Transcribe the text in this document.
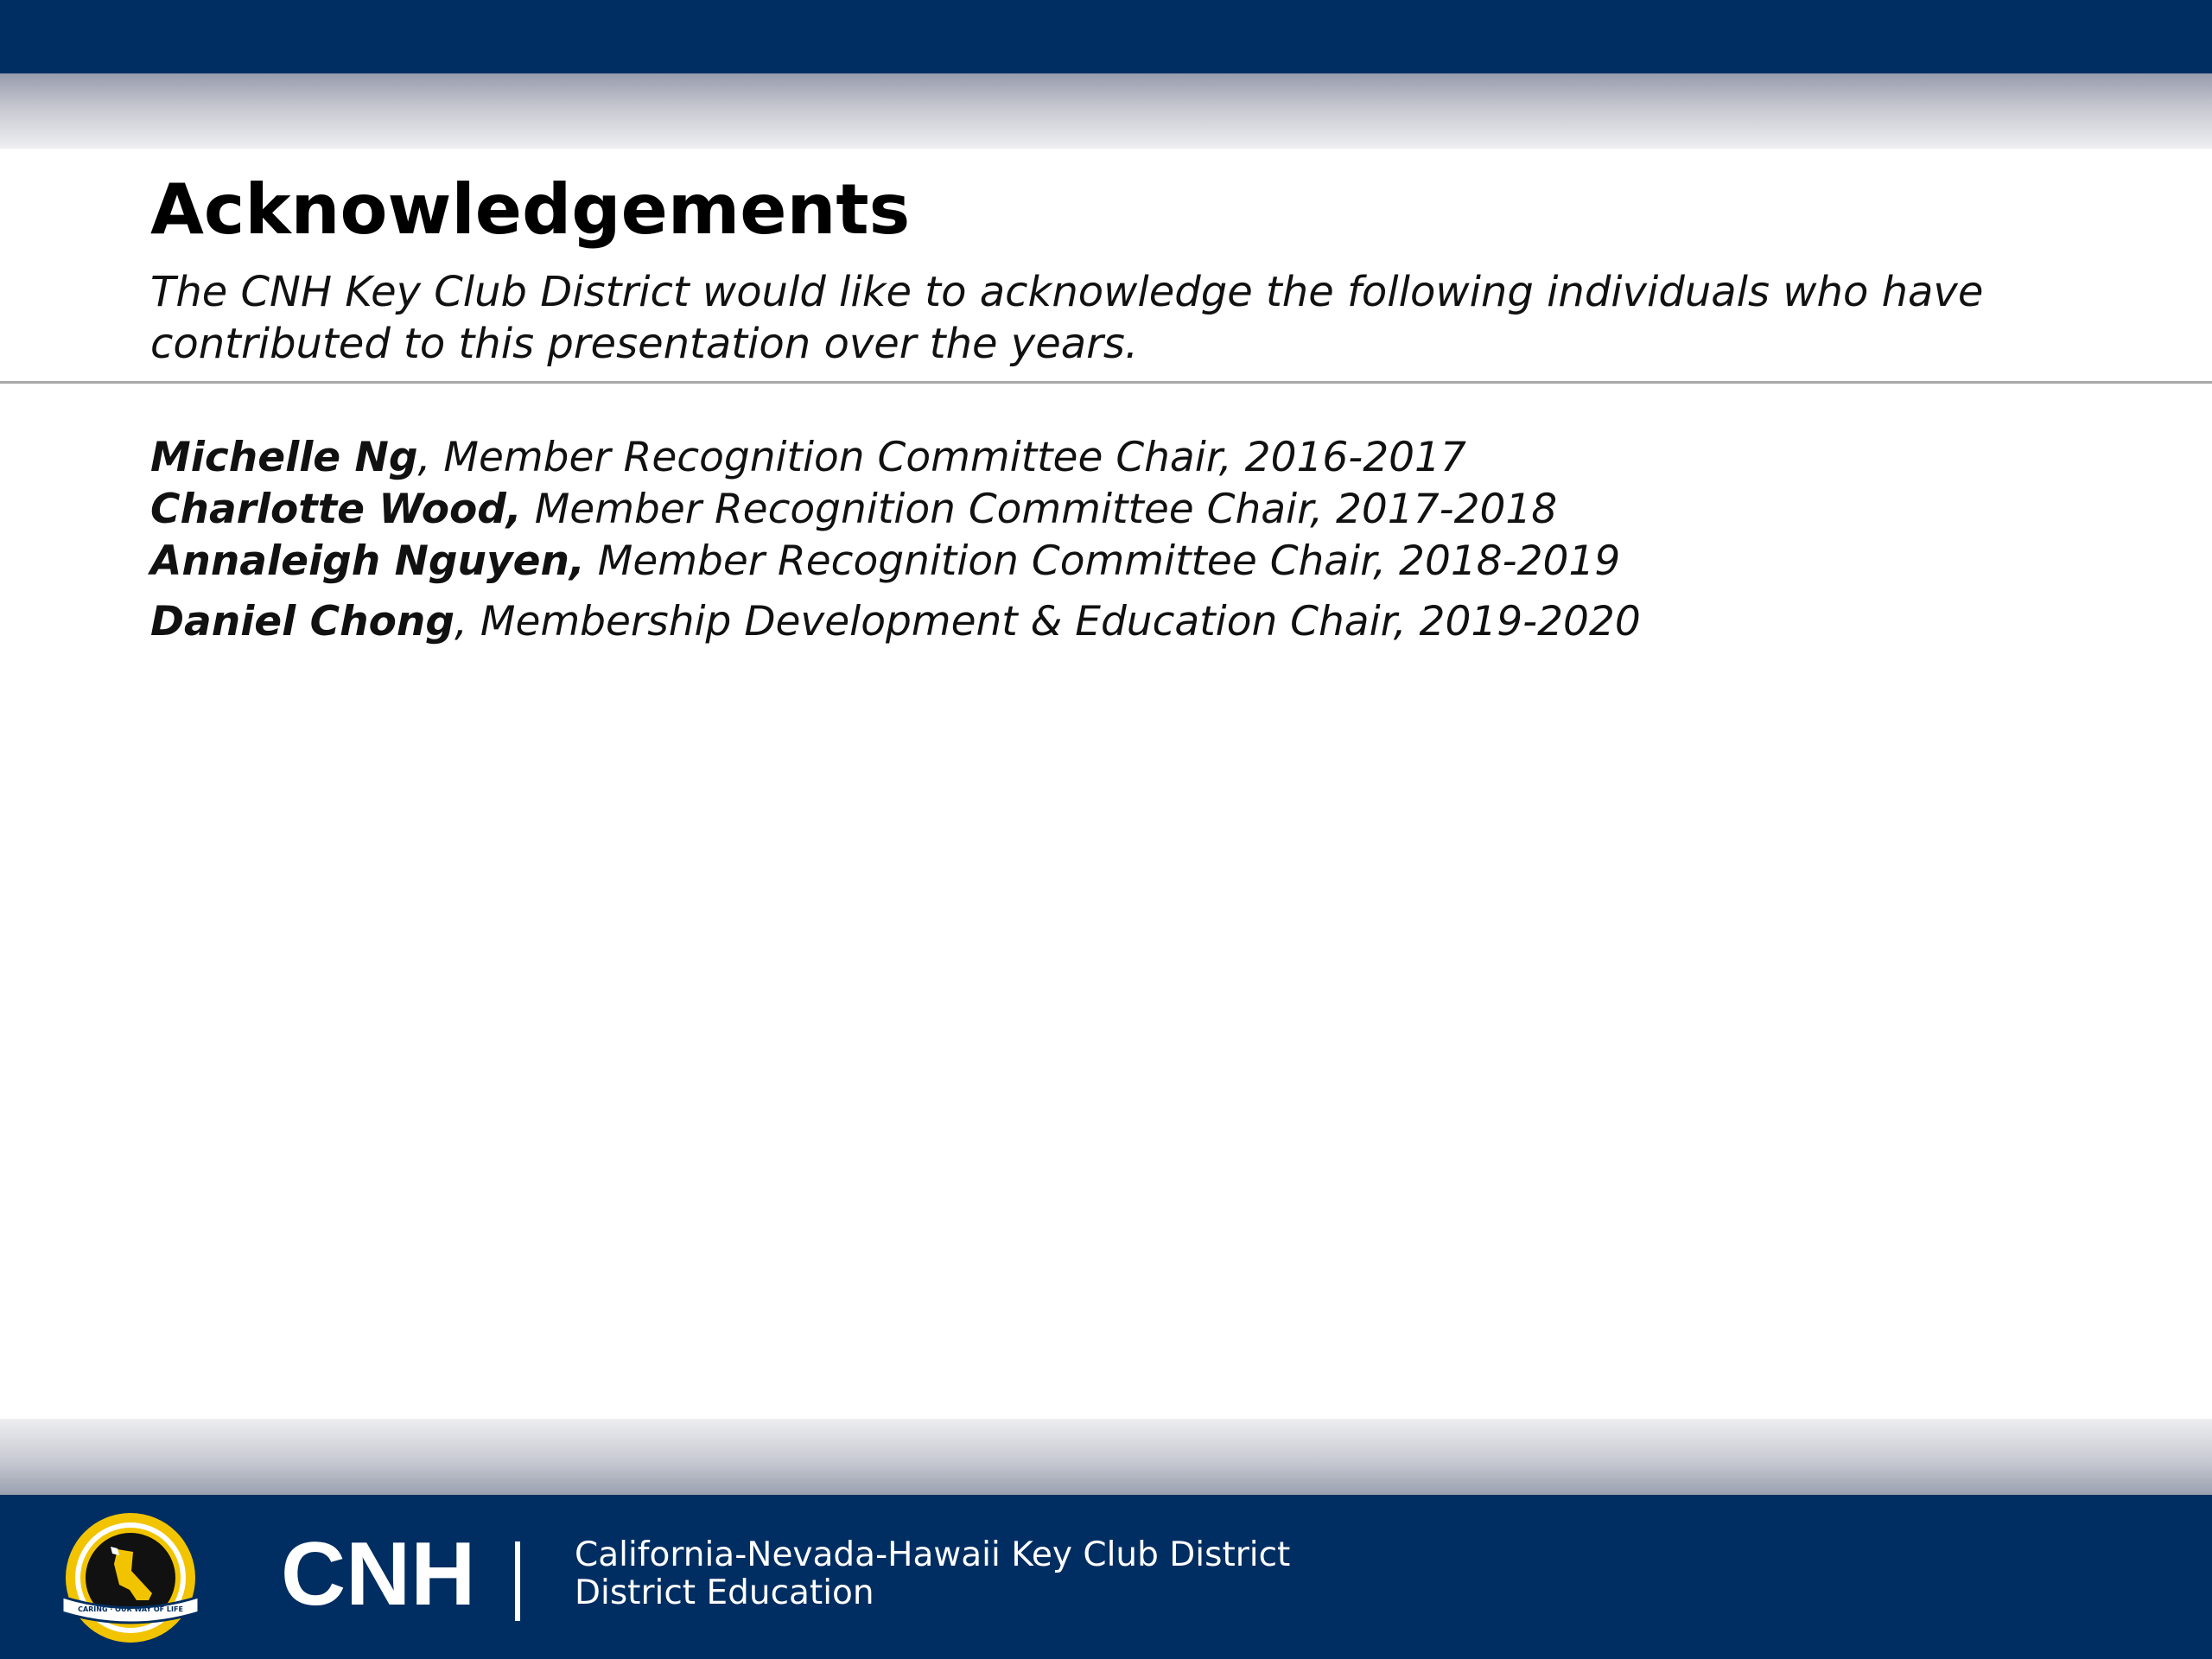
Acknowledgements

The CNH Key Club District would like to acknowledge the following individuals who have contributed to this presentation over the years.

Michelle Ng, Member Recognition Committee Chair, 2016-2017
Charlotte Wood, Member Recognition Committee Chair, 2017-2018
Annaleigh Nguyen, Member Recognition Committee Chair, 2018-2019
Daniel Chong, Membership Development & Education Chair, 2019-2020
CARING · OUR WAY OF LIFE CNH	California-Nevada-Hawaii Key Club District
District Education
